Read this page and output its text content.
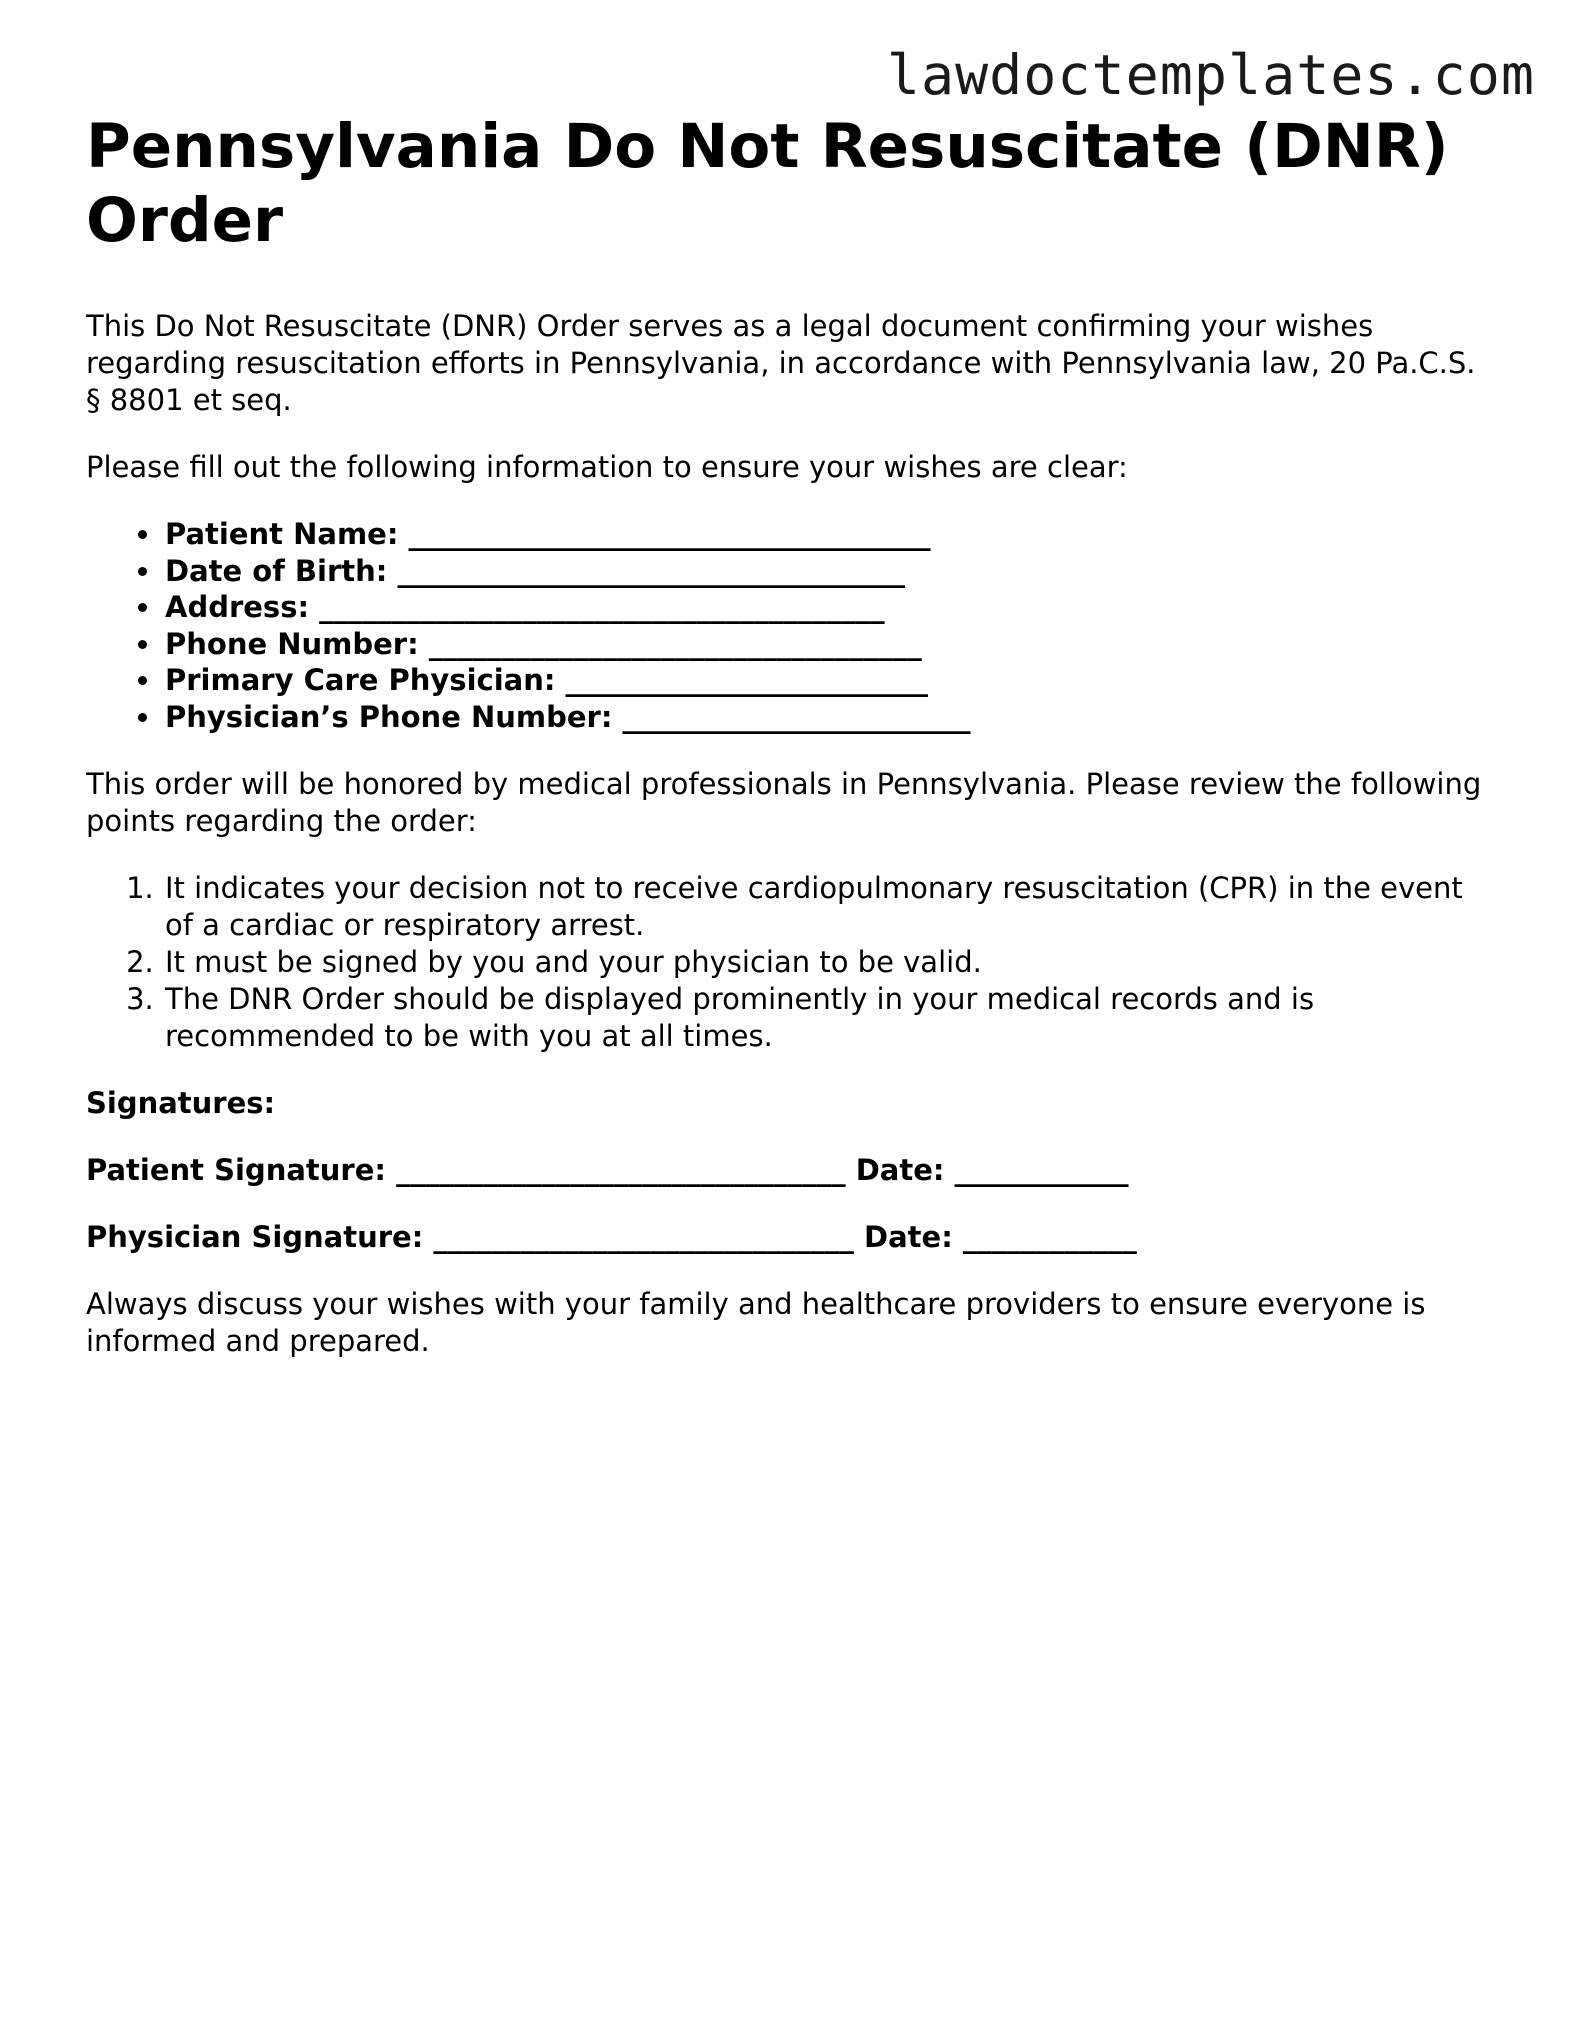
lawdoctemplates.com
Pennsylvania Do Not Resuscitate (DNR) Order

This Do Not Resuscitate (DNR) Order serves as a legal document confirming your wishes regarding resuscitation efforts in Pennsylvania, in accordance with Pennsylvania law, 20 Pa.C.S. § 8801 et seq.

Please fill out the following information to ensure your wishes are clear:

• Patient Name: ____________________________________
• Date of Birth: ___________________________________
• Address: _______________________________________
• Phone Number: __________________________________
• Primary Care Physician: _________________________
• Physician’s Phone Number: ________________________

This order will be honored by medical professionals in Pennsylvania. Please review the following points regarding the order:

1. It indicates your decision not to receive cardiopulmonary resuscitation (CPR) in the event of a cardiac or respiratory arrest.
2. It must be signed by you and your physician to be valid.
3. The DNR Order should be displayed prominently in your medical records and is recommended to be with you at all times.
Signatures:
Patient Signature: _______________________________ Date: ____________
Physician Signature: _____________________________ Date: ____________

Always discuss your wishes with your family and healthcare providers to ensure everyone is informed and prepared.
